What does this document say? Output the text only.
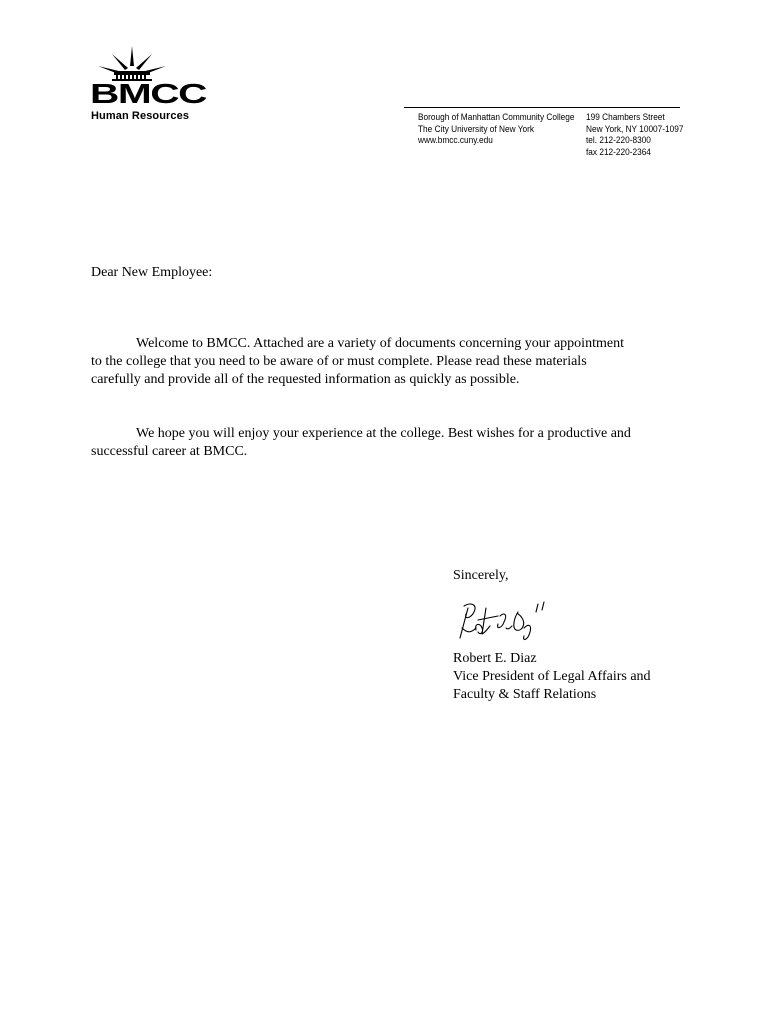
BMCC
Human Resources	Borough of Manhattan Community College
The City University of New York
www.bmcc.cuny.edu
199 Chambers Street
New York, NY 10007-1097
tel. 212-220-8300
fax 212-220-2364
Dear New Employee:
Welcome to BMCC. Attached are a variety of documents concerning your appointment
to the college that you need to be aware of or must complete. Please read these materials
carefully and provide all of the requested information as quickly as possible.
We hope you will enjoy your experience at the college. Best wishes for a productive and
successful career at BMCC.
Sincerely,
Robert E. Diaz
Vice President of Legal Affairs and
Faculty & Staff Relations
